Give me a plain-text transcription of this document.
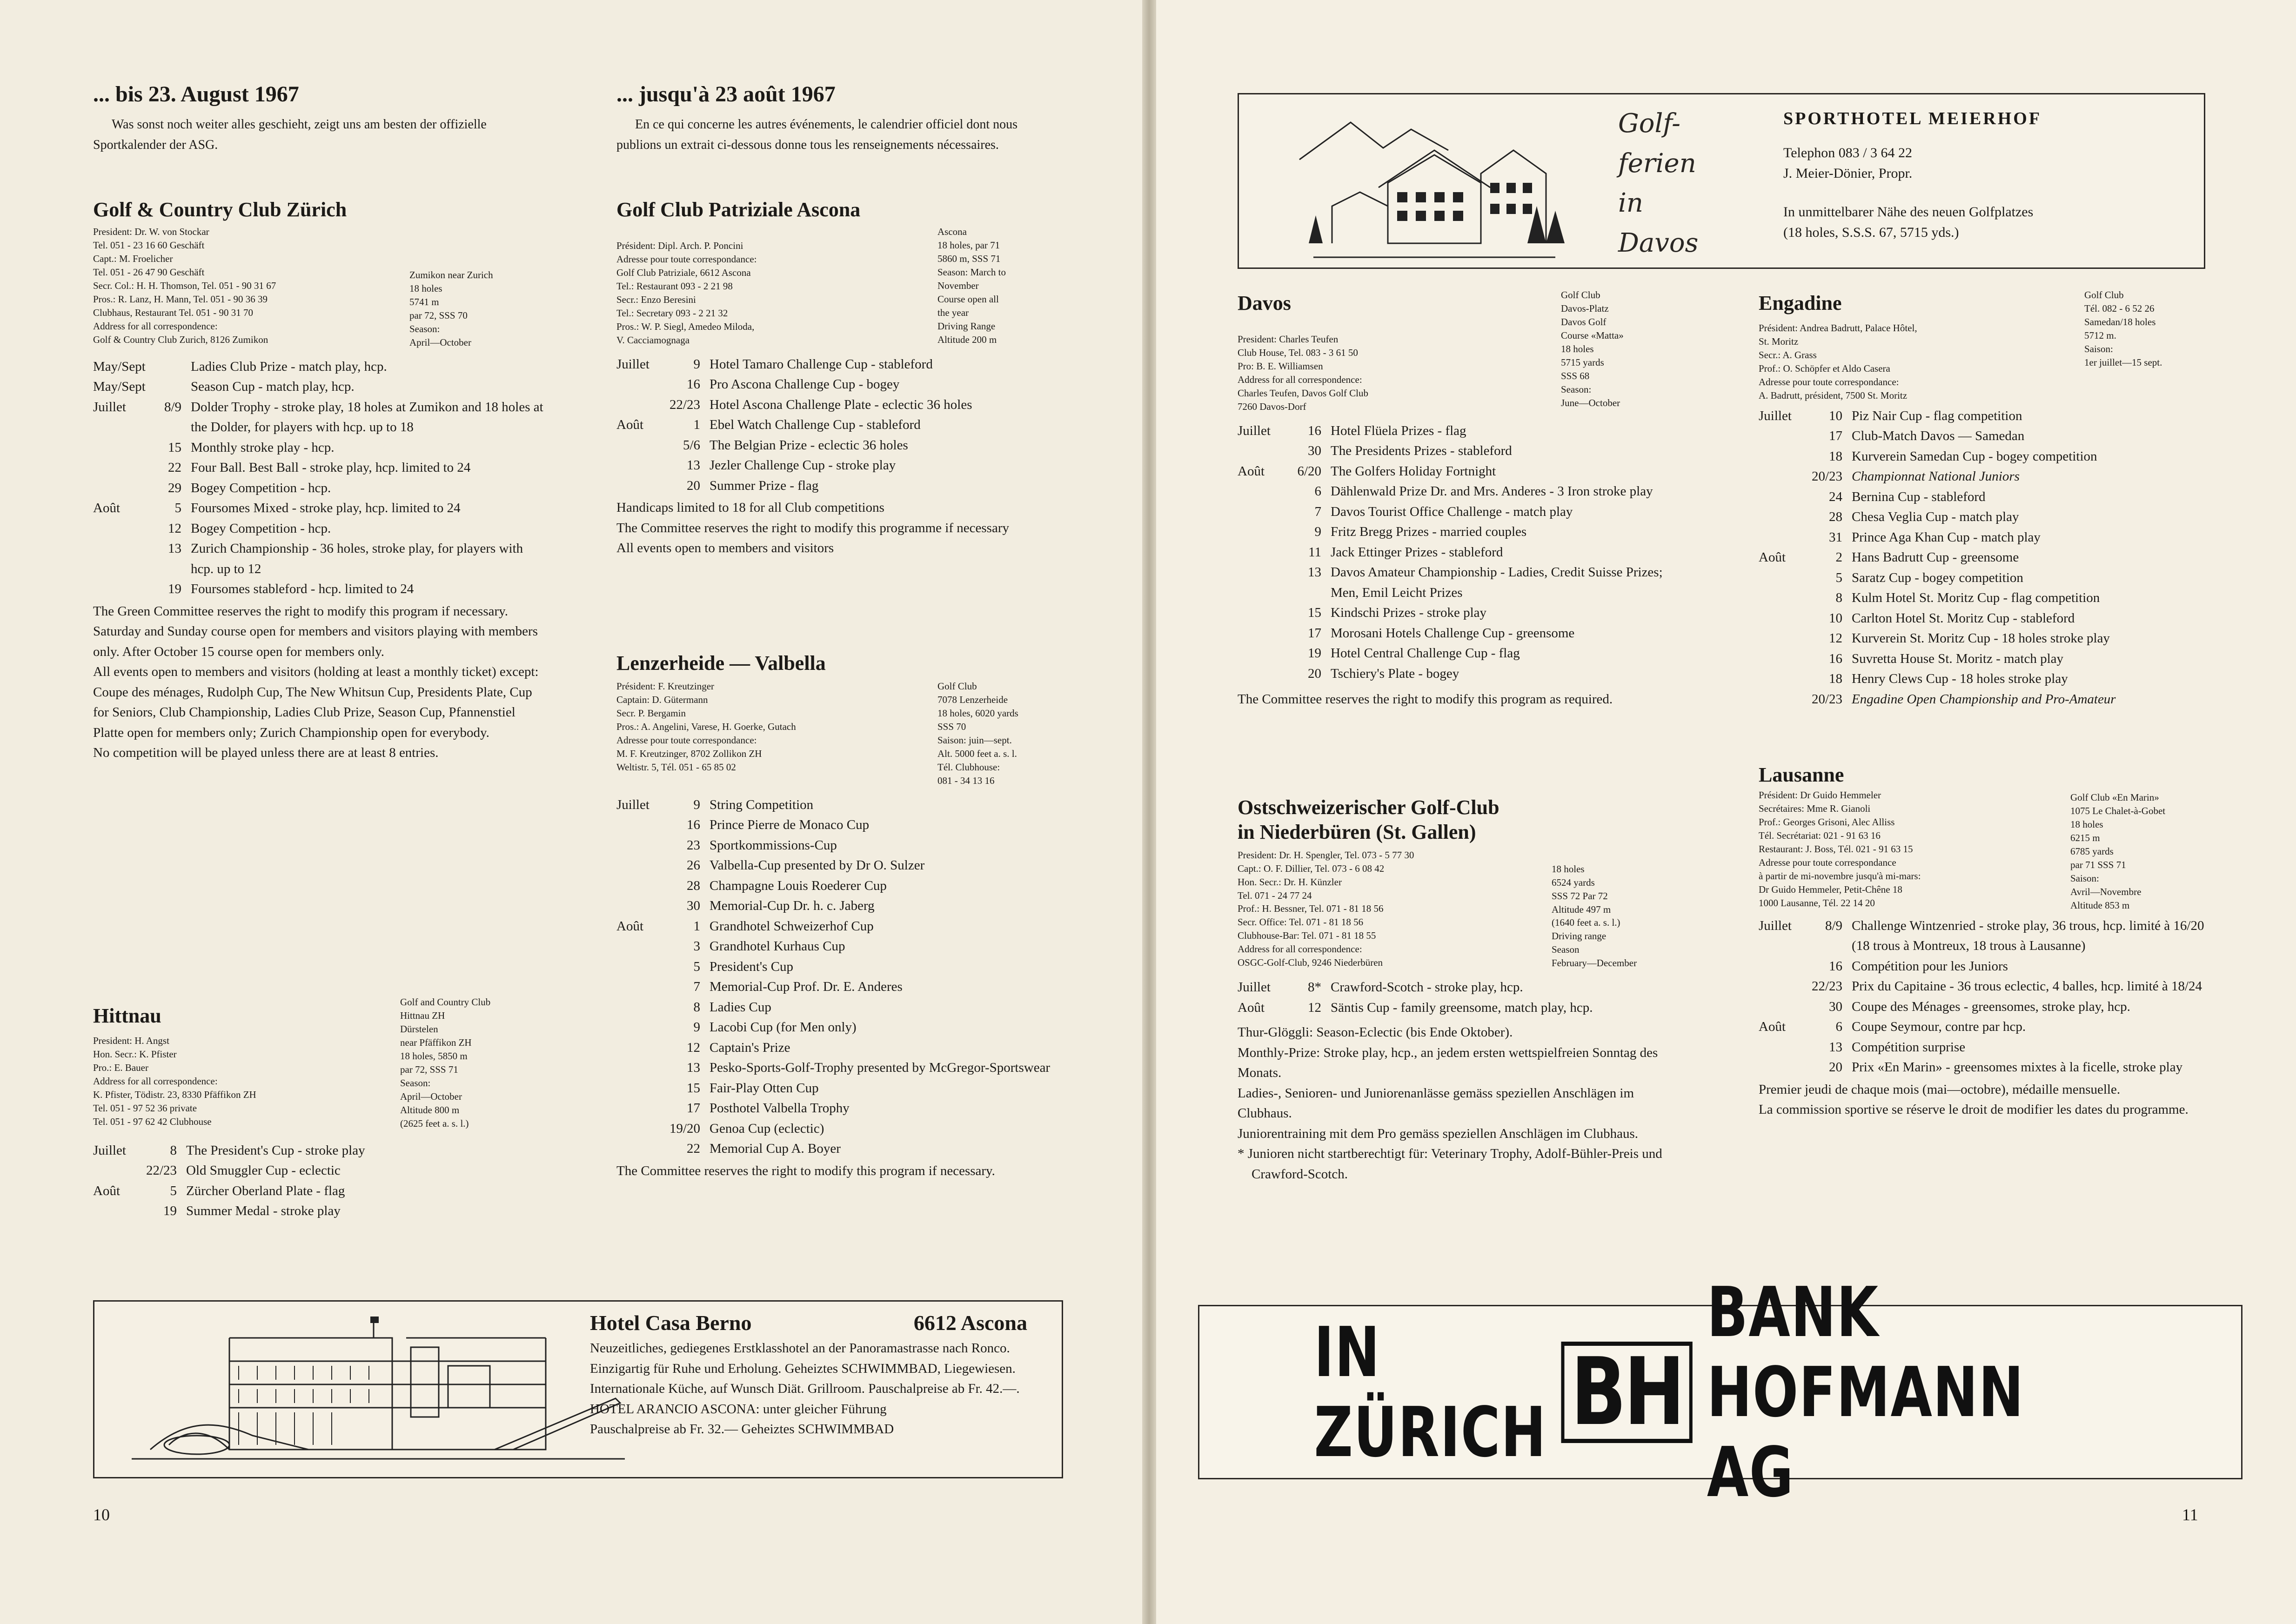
... bis 23. August 1967
Was sonst noch weiter alles geschieht, zeigt uns am besten der offizielle Sportkalender der ASG.
... jusqu'à 23 août 1967
En ce qui concerne les autres événements, le calendrier officiel dont nous publions un extrait ci-dessous donne tous les renseignements nécessaires.
Golf & Country Club Zürich
President: Dr. W. von Stockar
Tel. 051 - 23 16 60 Geschäft
Capt.: M. Froelicher
Tel. 051 - 26 47 90 Geschäft
Secr. Col.: H. H. Thomson, Tel. 051 - 90 31 67
Pros.: R. Lanz, H. Mann, Tel. 051 - 90 36 39
Clubhaus, Restaurant Tel. 051 - 90 31 70
Address for all correspondence:
Golf & Country Club Zurich, 8126 Zumikon
Zumikon near Zurich
18 holes
5741 m
par 72, SSS 70
Season:
April—October
May/Sept	Ladies Club Prize - match play, hcp.
May/Sept	Season Cup - match play, hcp.
Juillet	8/9 Dolder Trophy - stroke play, 18 holes at Zumikon and 18 holes at the Dolder, for players with hcp. up to 18
15 Monthly stroke play - hcp.
22 Four Ball. Best Ball - stroke play, hcp. limited to 24
29 Bogey Competition - hcp.
Août	5 Foursomes Mixed - stroke play, hcp. limited to 24
12 Bogey Competition - hcp.
13 Zurich Championship - 36 holes, stroke play, for players with hcp. up to 12
19 Foursomes stableford - hcp. limited to 24
The Green Committee reserves the right to modify this program if necessary.
Saturday and Sunday course open for members and visitors playing with members only. After October 15 course open for members only.
All events open to members and visitors (holding at least a monthly ticket) except: Coupe des ménages, Rudolph Cup, The New Whitsun Cup, Presidents Plate, Cup for Seniors, Club Championship, Ladies Club Prize, Season Cup, Pfannenstiel Platte open for members only; Zurich Championship open for everybody.
No competition will be played unless there are at least 8 entries.
Hittnau
President: H. Angst
Hon. Secr.: K. Pfister
Pro.: E. Bauer
Address for all correspondence:
K. Pfister, Tödistr. 23, 8330 Pfäffikon ZH
Tel. 051 - 97 52 36 private
Tel. 051 - 97 62 42 Clubhouse
Golf and Country Club
Hittnau ZH
Dürstelen
near Pfäffikon ZH
18 holes, 5850 m
par 72, SSS 71
Season:
April—October
Altitude 800 m
(2625 feet a. s. l.)
Juillet	8 The President's Cup - stroke play
22/23 Old Smuggler Cup - eclectic
Août	5 Zürcher Oberland Plate - flag
19 Summer Medal - stroke play
Golf Club Patriziale Ascona
Président: Dipl. Arch. P. Poncini
Adresse pour toute correspondance:
Golf Club Patriziale, 6612 Ascona
Tel.: Restaurant 093 - 2 21 98
Secr.: Enzo Beresini
Tel.: Secretary 093 - 2 21 32
Pros.: W. P. Siegl, Amedeo Miloda,
V. Cacciamognaga
Ascona
18 holes, par 71
5860 m, SSS 71
Season: March to
November
Course open all
the year
Driving Range
Altitude 200 m
Juillet	9 Hotel Tamaro Challenge Cup - stableford
16 Pro Ascona Challenge Cup - bogey
22/23 Hotel Ascona Challenge Plate - eclectic 36 holes
Août	1 Ebel Watch Challenge Cup - stableford
5/6 The Belgian Prize - eclectic 36 holes
13 Jezler Challenge Cup - stroke play
20 Summer Prize - flag
Handicaps limited to 18 for all Club competitions
The Committee reserves the right to modify this programme if necessary
All events open to members and visitors
Lenzerheide — Valbella
Président: F. Kreutzinger
Captain: D. Gütermann
Secr. P. Bergamin
Pros.: A. Angelini, Varese, H. Goerke, Gutach
Adresse pour toute correspondance:
M. F. Kreutzinger, 8702 Zollikon ZH
Weltistr. 5, Tél. 051 - 65 85 02
Golf Club
7078 Lenzerheide
18 holes, 6020 yards
SSS 70
Saison: juin—sept.
Alt. 5000 feet a. s. l.
Tél. Clubhouse:
081 - 34 13 16
Juillet	9 String Competition
16 Prince Pierre de Monaco Cup
23 Sportkommissions-Cup
26 Valbella-Cup presented by Dr O. Sulzer
28 Champagne Louis Roederer Cup
30 Memorial-Cup Dr. h. c. Jaberg
Août	1 Grandhotel Schweizerhof Cup
3 Grandhotel Kurhaus Cup
5 President's Cup
7 Memorial-Cup Prof. Dr. E. Anderes
8 Ladies Cup
9 Lacobi Cup (for Men only)
12 Captain's Prize
13 Pesko-Sports-Golf-Trophy presented by McGregor-Sportswear
15 Fair-Play Otten Cup
17 Posthotel Valbella Trophy
19/20 Genoa Cup (eclectic)
22 Memorial Cup A. Boyer
The Committee reserves the right to modify this program if necessary.
Hotel Casa Berno	6612 Ascona
Neuzeitliches, gediegenes Erstklasshotel an der Panoramastrasse nach Ronco. Einzigartig für Ruhe und Erholung. Geheiztes SCHWIMMBAD, Liegewiesen. Internationale Küche, auf Wunsch Diät. Grillroom. Pauschalpreise ab Fr. 42.—.
HOTEL ARANCIO ASCONA: unter gleicher Führung
Pauschalpreise ab Fr. 32.— Geheiztes SCHWIMMBAD
10
Golf-
ferien
in
Davos
SPORTHOTEL MEIERHOF
Telephon 083 / 3 64 22
J. Meier-Dönier, Propr.
In unmittelbarer Nähe des neuen Golfplatzes
(18 holes, S.S.S. 67, 5715 yds.)
Davos
President: Charles Teufen
Club House, Tel. 083 - 3 61 50
Pro: B. E. Williamsen
Address for all correspondence:
Charles Teufen, Davos Golf Club
7260 Davos-Dorf
Golf Club
Davos-Platz
Davos Golf
Course «Matta»
18 holes
5715 yards
SSS 68
Season:
June—October
Juillet	16 Hotel Flüela Prizes - flag
30 The Presidents Prizes - stableford
Août	6/20 The Golfers Holiday Fortnight
6 Dählenwald Prize Dr. and Mrs. Anderes - 3 Iron stroke play
7 Davos Tourist Office Challenge - match play
9 Fritz Bregg Prizes - married couples
11 Jack Ettinger Prizes - stableford
13 Davos Amateur Championship - Ladies, Credit Suisse Prizes; Men, Emil Leicht Prizes
15 Kindschi Prizes - stroke play
17 Morosani Hotels Challenge Cup - greensome
19 Hotel Central Challenge Cup - flag
20 Tschiery's Plate - bogey
The Committee reserves the right to modify this program as required.
Ostschweizerischer Golf-Club
in Niederbüren (St. Gallen)
President: Dr. H. Spengler, Tel. 073 - 5 77 30
Capt.: O. F. Dillier, Tel. 073 - 6 08 42
Hon. Secr.: Dr. H. Künzler
Tel. 071 - 24 77 24
Prof.: H. Bessner, Tel. 071 - 81 18 56
Secr. Office: Tel. 071 - 81 18 56
Clubhouse-Bar: Tel. 071 - 81 18 55
Address for all correspondence:
OSGC-Golf-Club, 9246 Niederbüren
18 holes
6524 yards
SSS 72 Par 72
Altitude 497 m
(1640 feet a. s. l.)
Driving range
Season
February—December
Juillet	8* Crawford-Scotch - stroke play, hcp.
Août	12 Säntis Cup - family greensome, match play, hcp.
Thur-Glöggli: Season-Eclectic (bis Ende Oktober).
Monthly-Prize: Stroke play, hcp., an jedem ersten wettspielfreien Sonntag des Monats.
Ladies-, Senioren- und Juniorenanlässe gemäss speziellen Anschlägen im Clubhaus.
Juniorentraining mit dem Pro gemäss speziellen Anschlägen im Clubhaus.
* Junioren nicht startberechtigt für: Veterinary Trophy, Adolf-Bühler-Preis und Crawford-Scotch.
Engadine
Président: Andrea Badrutt, Palace Hôtel,
St. Moritz
Secr.: A. Grass
Prof.: O. Schöpfer et Aldo Casera
Adresse pour toute correspondance:
A. Badrutt, président, 7500 St. Moritz
Golf Club
Tél. 082 - 6 52 26
Samedan/18 holes
5712 m.
Saison:
1er juillet—15 sept.
Juillet	10 Piz Nair Cup - flag competition
17 Club-Match Davos — Samedan
18 Kurverein Samedan Cup - bogey competition
20/23 Championnat National Juniors
24 Bernina Cup - stableford
28 Chesa Veglia Cup - match play
31 Prince Aga Khan Cup - match play
Août	2 Hans Badrutt Cup - greensome
5 Saratz Cup - bogey competition
8 Kulm Hotel St. Moritz Cup - flag competition
10 Carlton Hotel St. Moritz Cup - stableford
12 Kurverein St. Moritz Cup - 18 holes stroke play
16 Suvretta House St. Moritz - match play
18 Henry Clews Cup - 18 holes stroke play
20/23 Engadine Open Championship and Pro-Amateur
Lausanne
Président: Dr Guido Hemmeler
Secrétaires: Mme R. Gianoli
Prof.: Georges Grisoni, Alec Alliss
Tél. Secrétariat: 021 - 91 63 16
Restaurant: J. Boss, Tél. 021 - 91 63 15
Adresse pour toute correspondance
à partir de mi-novembre jusqu'à mi-mars:
Dr Guido Hemmeler, Petit-Chêne 18
1000 Lausanne, Tél. 22 14 20
Golf Club «En Marin»
1075 Le Chalet-à-Gobet
18 holes
6215 m
6785 yards
par 71 SSS 71
Saison:
Avril—Novembre
Altitude 853 m
Juillet	8/9 Challenge Wintzenried - stroke play, 36 trous, hcp. limité à 16/20 (18 trous à Montreux, 18 trous à Lausanne)
16 Compétition pour les Juniors
22/23 Prix du Capitaine - 36 trous eclectic, 4 balles, hcp. limité à 18/24
30 Coupe des Ménages - greensomes, stroke play, hcp.
Août	6 Coupe Seymour, contre par hcp.
13 Compétition surprise
20 Prix «En Marin» - greensomes mixtes à la ficelle, stroke play
Premier jeudi de chaque mois (mai—octobre), médaille mensuelle.
La commission sportive se réserve le droit de modifier les dates du programme.
IN ZÜRICH BH
BANK HOFMANN AG
11
